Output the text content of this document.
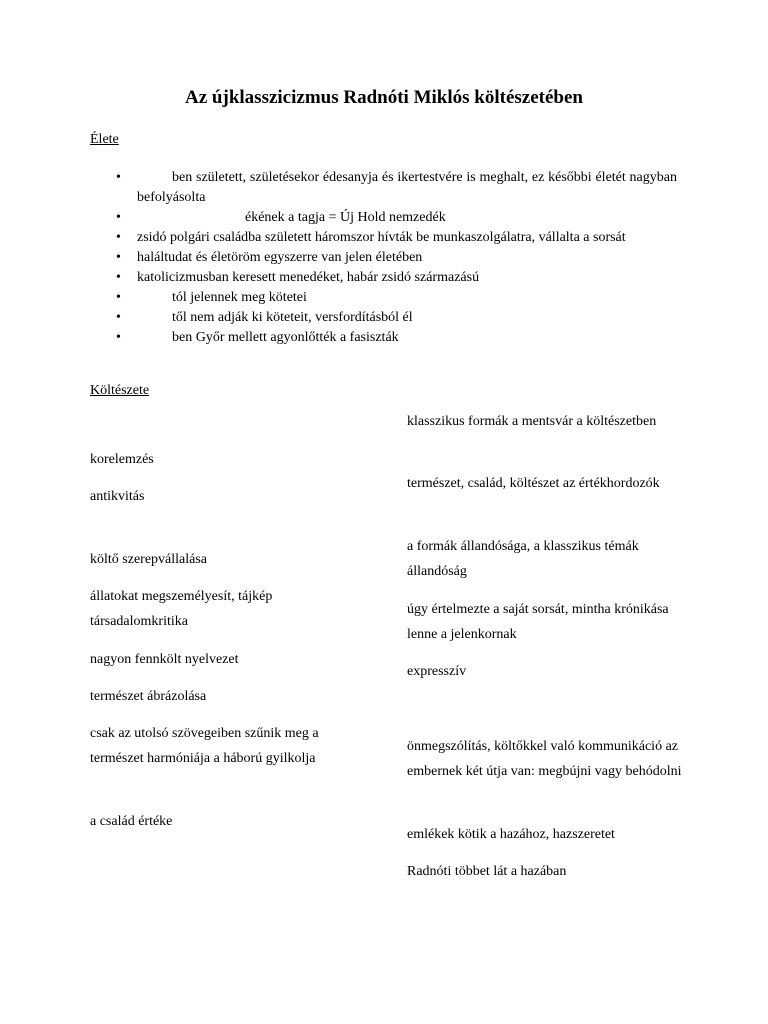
Az újklasszicizmus Radnóti Miklós költészetében

Élete

• ben született, születésekor édesanyja és ikertestvére is meghalt, ez későbbi életét nagyban befolyásolta
• ékének a tagja = Új Hold nemzedék
• zsidó polgári családba született háromszor hívták be munkaszolgálatra, vállalta a sorsát
• haláltudat és életöröm egyszerre van jelen életében
• katolicizmusban keresett menedéket, habár zsidó származású
• tól jelennek meg kötetei
• től nem adják ki köteteit, versfordításból él
• ben Győr mellett agyonlőtték a fasiszták

Költészete

korelemzés

antikvitás

költő szerepvállalása

állatokat megszemélyesít, tájkép társadalomkritika

nagyon fennkölt nyelvezet

természet ábrázolása

csak az utolsó szövegeiben szűnik meg a természet harmóniája a háború gyilkolja

a család értéke

klasszikus formák a mentsvár a költészetben

természet, család, költészet az értékhordozók

a formák állandósága, a klasszikus témák állandóság

úgy értelmezte a saját sorsát, mintha krónikása lenne a jelenkornak

expresszív

önmegszólítás, költőkkel való kommunikáció az embernek két útja van: megbújni vagy behódolni

emlékek kötik a hazához, hazszeretet

Radnóti többet lát a hazában
